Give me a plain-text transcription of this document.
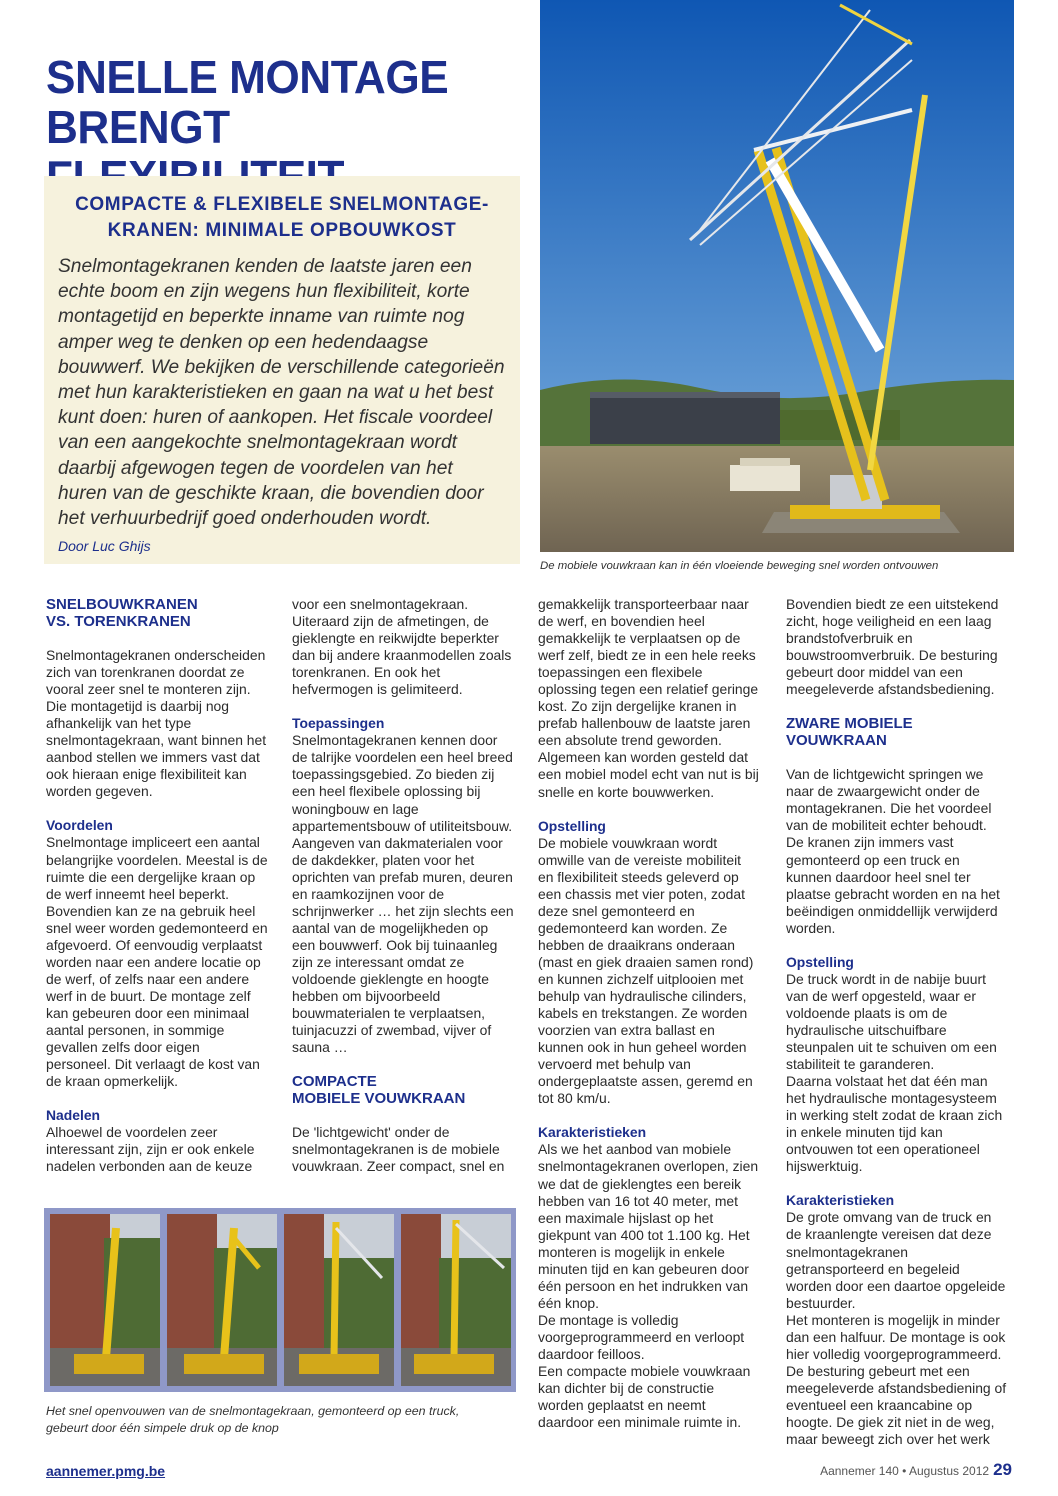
SNELLE MONTAGE
BRENGT
COMPACTE & FLEXIBELE SNELMONTAGE-
KRANEN: MINIMALE OPBOUWKOST
Snelmontagekranen kenden de laatste jaren een echte boom en zijn wegens hun flexibiliteit, korte montagetijd en beperkte inname van ruimte nog amper weg te denken op een hedendaagse bouwwerf. We bekijken de verschillende categorieën met hun karakteristieken en gaan na wat u het best kunt doen: huren of aankopen. Het fiscale voordeel van een aangekochte snelmontagekraan wordt daarbij afgewogen tegen de voordelen van het huren van de geschikte kraan, die bovendien door het verhuurbedrijf goed onderhouden wordt.
Door Luc Ghijs
De mobiele vouwkraan kan in één vloeiende beweging snel worden ontvouwen
SNELBOUWKRANEN
VS. TORENKRANEN

Snelmontagekranen onderscheiden zich van torenkranen doordat ze vooral zeer snel te monteren zijn. Die montagetijd is daarbij nog afhankelijk van het type snelmontagekraan, want binnen het aanbod stellen we immers vast dat ook hieraan enige flexibiliteit kan worden gegeven.

Voordelen

Snelmontage impliceert een aantal belangrijke voordelen. Meestal is de ruimte die een dergelijke kraan op de werf inneemt heel beperkt. Bovendien kan ze na gebruik heel snel weer worden gedemonteerd en afgevoerd. Of eenvoudig verplaatst worden naar een andere locatie op de werf, of zelfs naar een andere werf in de buurt. De montage zelf kan gebeuren door een minimaal aantal personen, in sommige gevallen zelfs door eigen personeel. Dit verlaagt de kost van de kraan opmerkelijk.

Nadelen

Alhoewel de voordelen zeer interessant zijn, zijn er ook enkele nadelen verbonden aan de keuze

voor een snelmontagekraan. Uiteraard zijn de afmetingen, de gieklengte en reikwijdte beperkter dan bij andere kraanmodellen zoals torenkranen. En ook het hefvermogen is gelimiteerd.

Toepassingen

Snelmontagekranen kennen door de talrijke voordelen een heel breed toepassingsgebied. Zo bieden zij een heel flexibele oplossing bij woningbouw en lage appartementsbouw of utiliteitsbouw. Aangeven van dakmaterialen voor de dakdekker, platen voor het oprichten van prefab muren, deuren en raamkozijnen voor de schrijnwerker … het zijn slechts een aantal van de mogelijkheden op een bouwwerf. Ook bij tuinaanleg zijn ze interessant omdat ze voldoende gieklengte en hoogte hebben om bijvoorbeeld bouwmaterialen te verplaatsen, tuinjacuzzi of zwembad, vijver of sauna …

COMPACTE
MOBIELE VOUWKRAAN

De 'lichtgewicht' onder de snelmontagekranen is de mobiele vouwkraan. Zeer compact, snel en

gemakkelijk transporteerbaar naar de werf, en bovendien heel gemakkelijk te verplaatsen op de werf zelf, biedt ze in een hele reeks toepassingen een flexibele oplossing tegen een relatief geringe kost. Zo zijn dergelijke kranen in prefab hallenbouw de laatste jaren een absolute trend geworden. Algemeen kan worden gesteld dat een mobiel model echt van nut is bij snelle en korte bouwwerken.

Opstelling

De mobiele vouwkraan wordt omwille van de vereiste mobiliteit en flexibiliteit steeds geleverd op een chassis met vier poten, zodat deze snel gemonteerd en gedemonteerd kan worden. Ze hebben de draaikrans onderaan (mast en giek draaien samen rond) en kunnen zichzelf uitplooien met behulp van hydraulische cilinders, kabels en trekstangen. Ze worden voorzien van extra ballast en kunnen ook in hun geheel worden vervoerd met behulp van ondergeplaatste assen, geremd en tot 80 km/u.

Karakteristieken

Als we het aanbod van mobiele snelmontagekranen overlopen, zien we dat de gieklengtes een bereik hebben van 16 tot 40 meter, met een maximale hijslast op het giekpunt van 400 tot 1.100 kg. Het monteren is mogelijk in enkele minuten tijd en kan gebeuren door één persoon en het indrukken van één knop.

De montage is volledig voorgeprogrammeerd en verloopt daardoor feilloos.

Een compacte mobiele vouwkraan kan dichter bij de constructie worden geplaatst en neemt daardoor een minimale ruimte in.

Bovendien biedt ze een uitstekend zicht, hoge veiligheid en een laag brandstofverbruik en bouwstroomverbruik. De besturing gebeurt door middel van een meegeleverde afstandsbediening.

ZWARE MOBIELE
VOUWKRAAN

Van de lichtgewicht springen we naar de zwaargewicht onder de montagekranen. Die het voordeel van de mobiliteit echter behoudt. De kranen zijn immers vast gemonteerd op een truck en kunnen daardoor heel snel ter plaatse gebracht worden en na het beëindigen onmiddellijk verwijderd worden.

Opstelling

De truck wordt in de nabije buurt van de werf opgesteld, waar er voldoende plaats is om de hydraulische uitschuifbare steunpalen uit te schuiven om een stabiliteit te garanderen.

Daarna volstaat het dat één man het hydraulische montagesysteem in werking stelt zodat de kraan zich in enkele minuten tijd kan ontvouwen tot een operationeel hijswerktuig.

Karakteristieken

De grote omvang van de truck en de kraanlengte vereisen dat deze snelmontagekranen getransporteerd en begeleid worden door een daartoe opgeleide bestuurder.

Het monteren is mogelijk in minder dan een halfuur. De montage is ook hier volledig voorgeprogrammeerd.

De besturing gebeurt met een meegeleverde afstandsbediening of eventueel een kraancabine op hoogte. De giek zit niet in de weg, maar beweegt zich over het werk

Het snel openvouwen van de snelmontagekraan, gemonteerd op een truck,
gebeurt door één simpele druk op de knop
aannemer.pmg.be	Aannemer 140 • Augustus 2012 29
